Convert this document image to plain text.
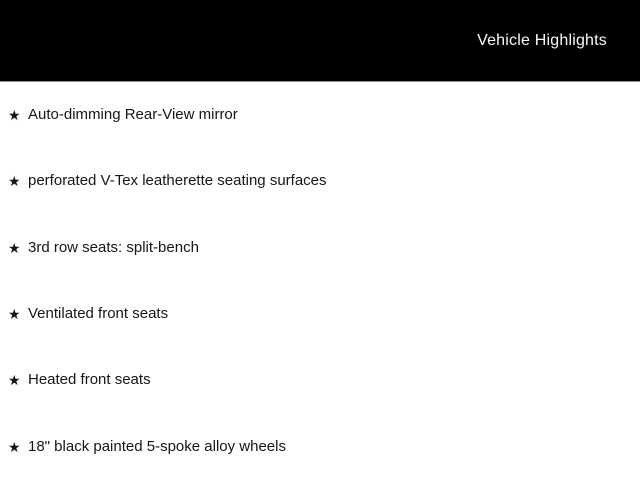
Vehicle Highlights
★ Auto-dimming Rear-View mirror
★ perforated V-Tex leatherette seating surfaces
★ 3rd row seats: split-bench
★ Ventilated front seats
★ Heated front seats
★ 18" black painted 5-spoke alloy wheels
